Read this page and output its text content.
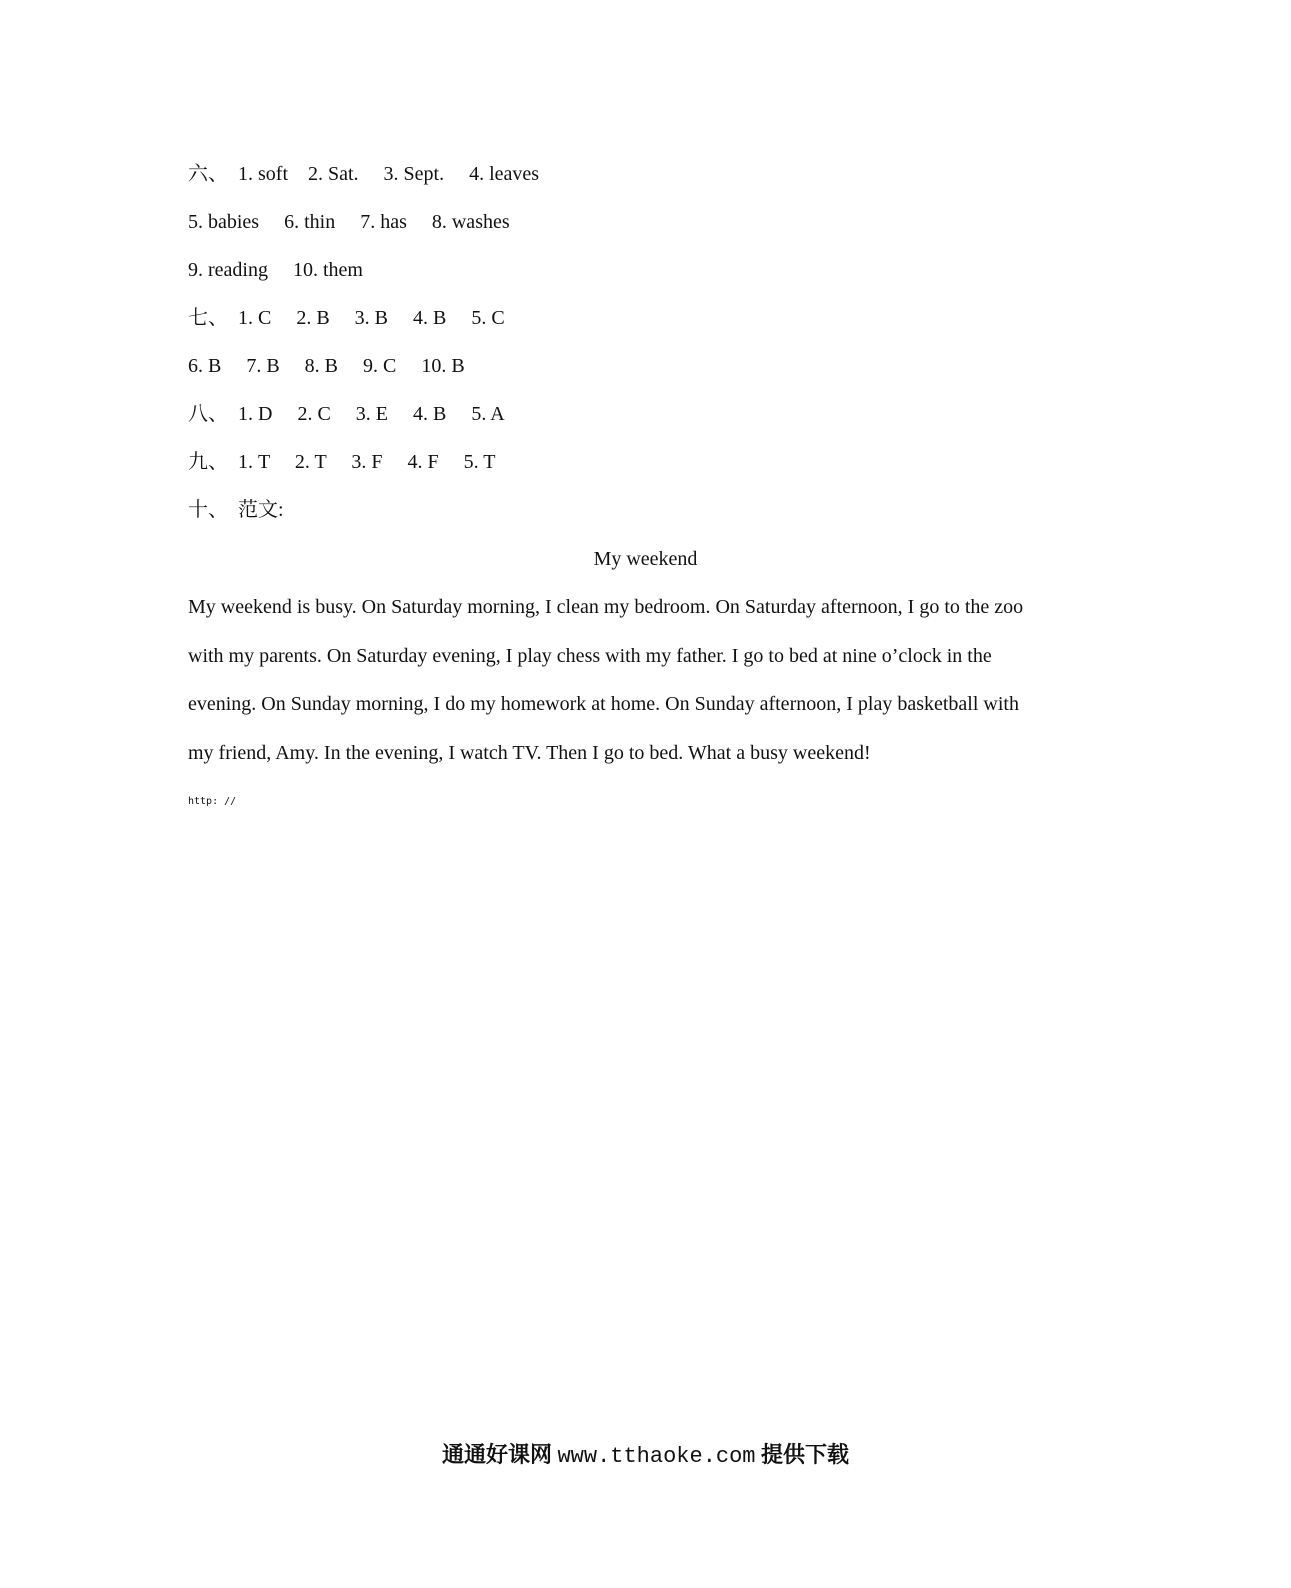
六、  1. soft    2. Sat.     3. Sept.     4. leaves
5. babies     6. thin     7. has     8. washes
9. reading     10. them
七、  1. C     2. B     3. B     4. B     5. C
6. B     7. B     8. B     9. C     10. B
八、  1. D     2. C     3. E     4. B     5. A
九、  1. T     2. T     3. F     4. F     5. T
十、  范文:
My weekend
My weekend is busy. On Saturday morning, I clean my bedroom. On Saturday afternoon, I go to the zoo
with my parents. On Saturday evening, I play chess with my father. I go to bed at nine o’clock in the
evening. On Sunday morning, I do my homework at home. On Sunday afternoon, I play basketball with
my friend, Amy. In the evening, I watch TV. Then I go to bed. What a busy weekend!
http: //
通通好课网 www.tthaoke.com 提供下载
